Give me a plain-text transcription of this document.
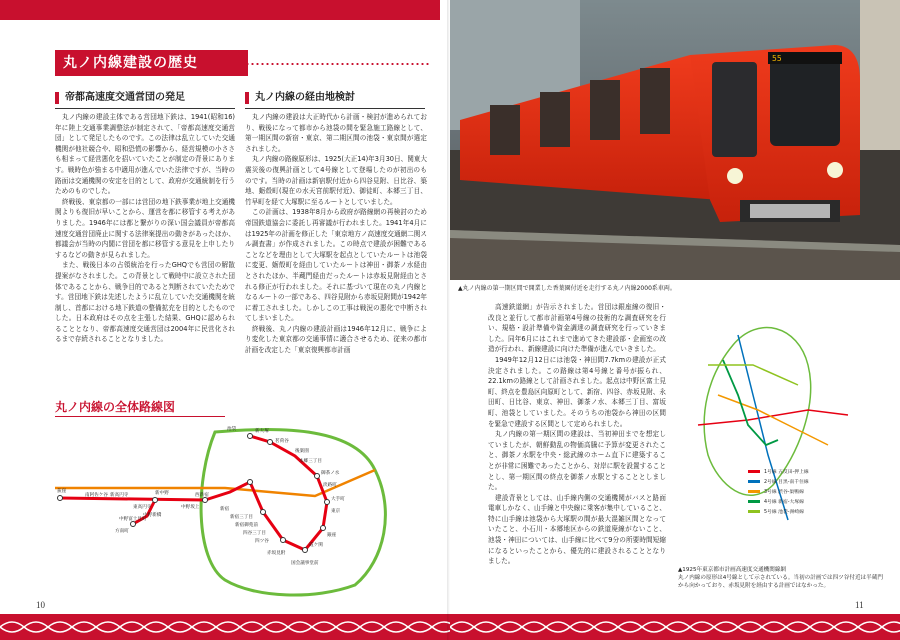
丸ノ内線建設の歴史
帝都高速度交通営団の発足	丸ノ内線の経由地検討

丸ノ内線の建設主体である営団地下鉄は、1941(昭和16)年に陸上交通事業調整法が制定されて、「帝都高速度交通営団」として発足したものです。この法律は乱立していた交通機関が他社競合や、昭和恐慌の影響から、経営規模の小ささも相まって経営悪化を招いていたことが制定の背景にあります。戦時色が強まる中適用が進んでいた法律ですが、当時の路面は交通機関の安定を目的として、政府が交通統制を行うためのものでした。

終戦後、東京都の一部には営団の地下鉄事業が地上交通機関よりも復旧が早いことから、運営を都に移管する考えがありました。1946年には都と繋がりの深い国会議員が帝都高速度交通営団廃止に関する法律案提出の動きがあったほか、都議会が当時の内閣に営団を都に移管する意見を上申したりするなどの動きが見られました。

また、戦後日本の占領統治を行ったGHQでも営団の解散提案がなされました。この背景として戦時中に設立された団体であることから、戦争目的であると判断されていたためです。営団地下鉄は先述したように乱立していた交通機関を統制し、首都における地下鉄道の整備拡充を目的としたものでした。日本政府はその点を主張した結果、GHQに認められることとなり、帝都高速度交通営団は2004年に民営化されるまで存続されることとなりました。

丸ノ内線の建設は大正時代から計画・検討が進められており、戦後になって都市から池袋の間を緊急施工路線として、第一期区間の新宿・東京、第二期区間の池袋・東京間が選定されました。

丸ノ内線の路線原形は、1925(大正14)年3月30日、関東大震災後の復興計画として4号線として登場したのが初出のものです。当時の計画は新宿駅付近から四谷見附、日比谷、築地、蛎殻町(現在の水天宮前駅付近)、御徒町、本郷三丁目、竹早町を経て大塚駅に至るルートとしていました。

この計画は、1938年8月から政府が路線網の再検討のため帝国鉄道協会に委託し再審議が行われました。1941年4月には1925年の計画を修正した「東京地方ノ高速度交通網二関スル調査書」が作成されました。この時点で建設が困難であることなどを理由として大塚駅を起点としていたルートは池袋に変更、蛎殻町を経由していたルートは神田・御茶ノ水経由とされたほか、半蔵門経由だったルートは赤坂見附経由とされる修正が行われました。それに基づいて現在の丸ノ内線となるルートの一部である、四谷見附から赤坂見附間が1942年に着工されました。しかしこの工事は戦況の悪化で中断されてしまいました。

終戦後、丸ノ内線の建設計画は1946年12月に、戦争により変化した東京都の交通事情に適合させるため、従来の都市計画を改定した「東京復興都市計画

丸ノ内線の全体路線図
荻窪
南阿佐ケ谷 新高円寺
東高円寺
新中野
中野坂上
西新宿
新宿
新宿三丁目
新宿御苑前
四谷三丁目
四ツ谷
赤坂見附
国会議事堂前
霞ケ関
銀座
東京
大手町
淡路町
御茶ノ水
本郷三丁目
後楽園
茗荷谷
新大塚
池袋
中野新橋
中野富士見町
方南町
10
55
▲丸ノ内線の第一期区間で開業した香葉園付近を走行する丸ノ内線2000系車両。

高速鉄道網」が告示されました。営団は銀座線の復旧・改良と並行して都市計画第4号線の技術的な調査研究を行い、規格・設計準備や資金調達の調査研究を行っていきました。同年6月にはこれまで進めてきた建設部・企画室の改造が行われ、新線建設に向けた準備が進んでいきました。

1949年12月12日には池袋・神田間7.7kmの建設が正式決定されました。この路線は第4号線と番号が振られ、22.1kmの路線として計画されました。起点は中野区富士見町、終点を豊島区向原町として、新宿、四谷、赤坂見附、永田町、日比谷、東京、神田、御茶ノ水、本郷三丁目、富坂町、池袋としていました。そのうちの池袋から神田の区間を緊急で建設する区間として定められました。

丸ノ内線の第一期区間の建設は、当初神田までを想定していましたが、朝鮮動乱の物価高騰に予算が変更されたこと、御茶ノ水駅を中央・総武線のホーム直下に建築することが非常に困難であったことから、対岸に駅を設置することとし、第一期区間の終点を御茶ノ水駅とすることとしました。

建設背景としては、山手線内側の交通機関がバスと路面電車しかなく、山手線と中央線に乗客が集中していること、特に山手線は池袋から大塚駅の間が最大混雑区間となっていたこと、小石川・本郷地区からの鉄道廃線がないこと、池袋・神田については、山手線に比べて9分の所要時間短縮になるといったことから、優先的に建設されることとなりました。

1号線 五反田-押上線
2号線 目黒-南千住線
3号線 渋谷-巣鴨線
4号線 新宿-大塚線
5号線 池袋-洲崎線
▲1925年東京都市計画高速度交通機関線網
丸ノ内線の原形は4号線として示されている。当初の計画では四ツ谷付近は半蔵門から向かっており、赤坂見附を経由する計画ではなかった。
11
